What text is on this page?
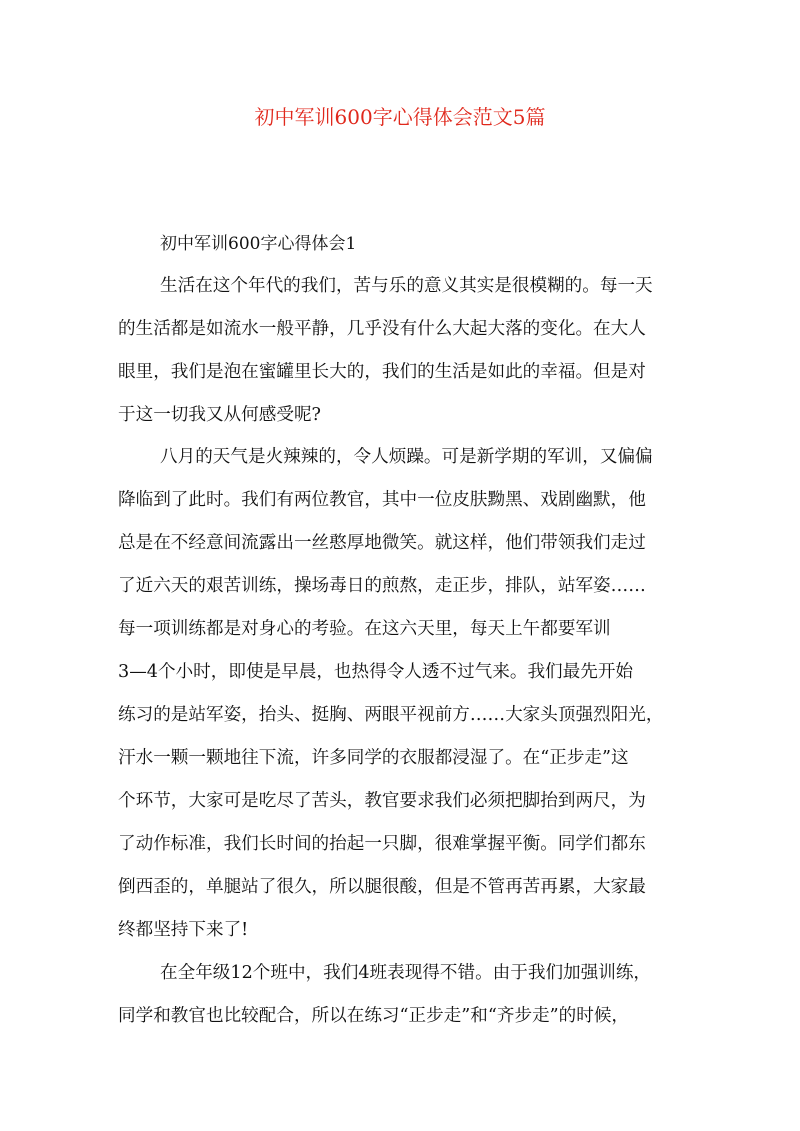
初中军训600字心得体会范文5篇
初中军训600字心得体会1
生活在这个年代的我们，苦与乐的意义其实是很模糊的。每一天
的生活都是如流水一般平静，几乎没有什么大起大落的变化。在大人
眼里，我们是泡在蜜罐里长大的，我们的生活是如此的幸福。但是对
于这一切我又从何感受呢?
八月的天气是火辣辣的，令人烦躁。可是新学期的军训，又偏偏
降临到了此时。我们有两位教官，其中一位皮肤黝黑、戏剧幽默，他
总是在不经意间流露出一丝憨厚地微笑。就这样，他们带领我们走过
了近六天的艰苦训练，操场毒日的煎熬，走正步，排队，站军姿……
每一项训练都是对身心的考验。在这六天里，每天上午都要军训
3—4个小时，即使是早晨，也热得令人透不过气来。我们最先开始
练习的是站军姿，抬头、挺胸、两眼平视前方……大家头顶强烈阳光，
汗水一颗一颗地往下流，许多同学的衣服都浸湿了。在“正步走”这
个环节，大家可是吃尽了苦头，教官要求我们必须把脚抬到两尺，为
了动作标准，我们长时间的抬起一只脚，很难掌握平衡。同学们都东
倒西歪的，单腿站了很久，所以腿很酸，但是不管再苦再累，大家最
终都坚持下来了!
在全年级12个班中，我们4班表现得不错。由于我们加强训练，
同学和教官也比较配合，所以在练习“正步走”和“齐步走”的时候，
